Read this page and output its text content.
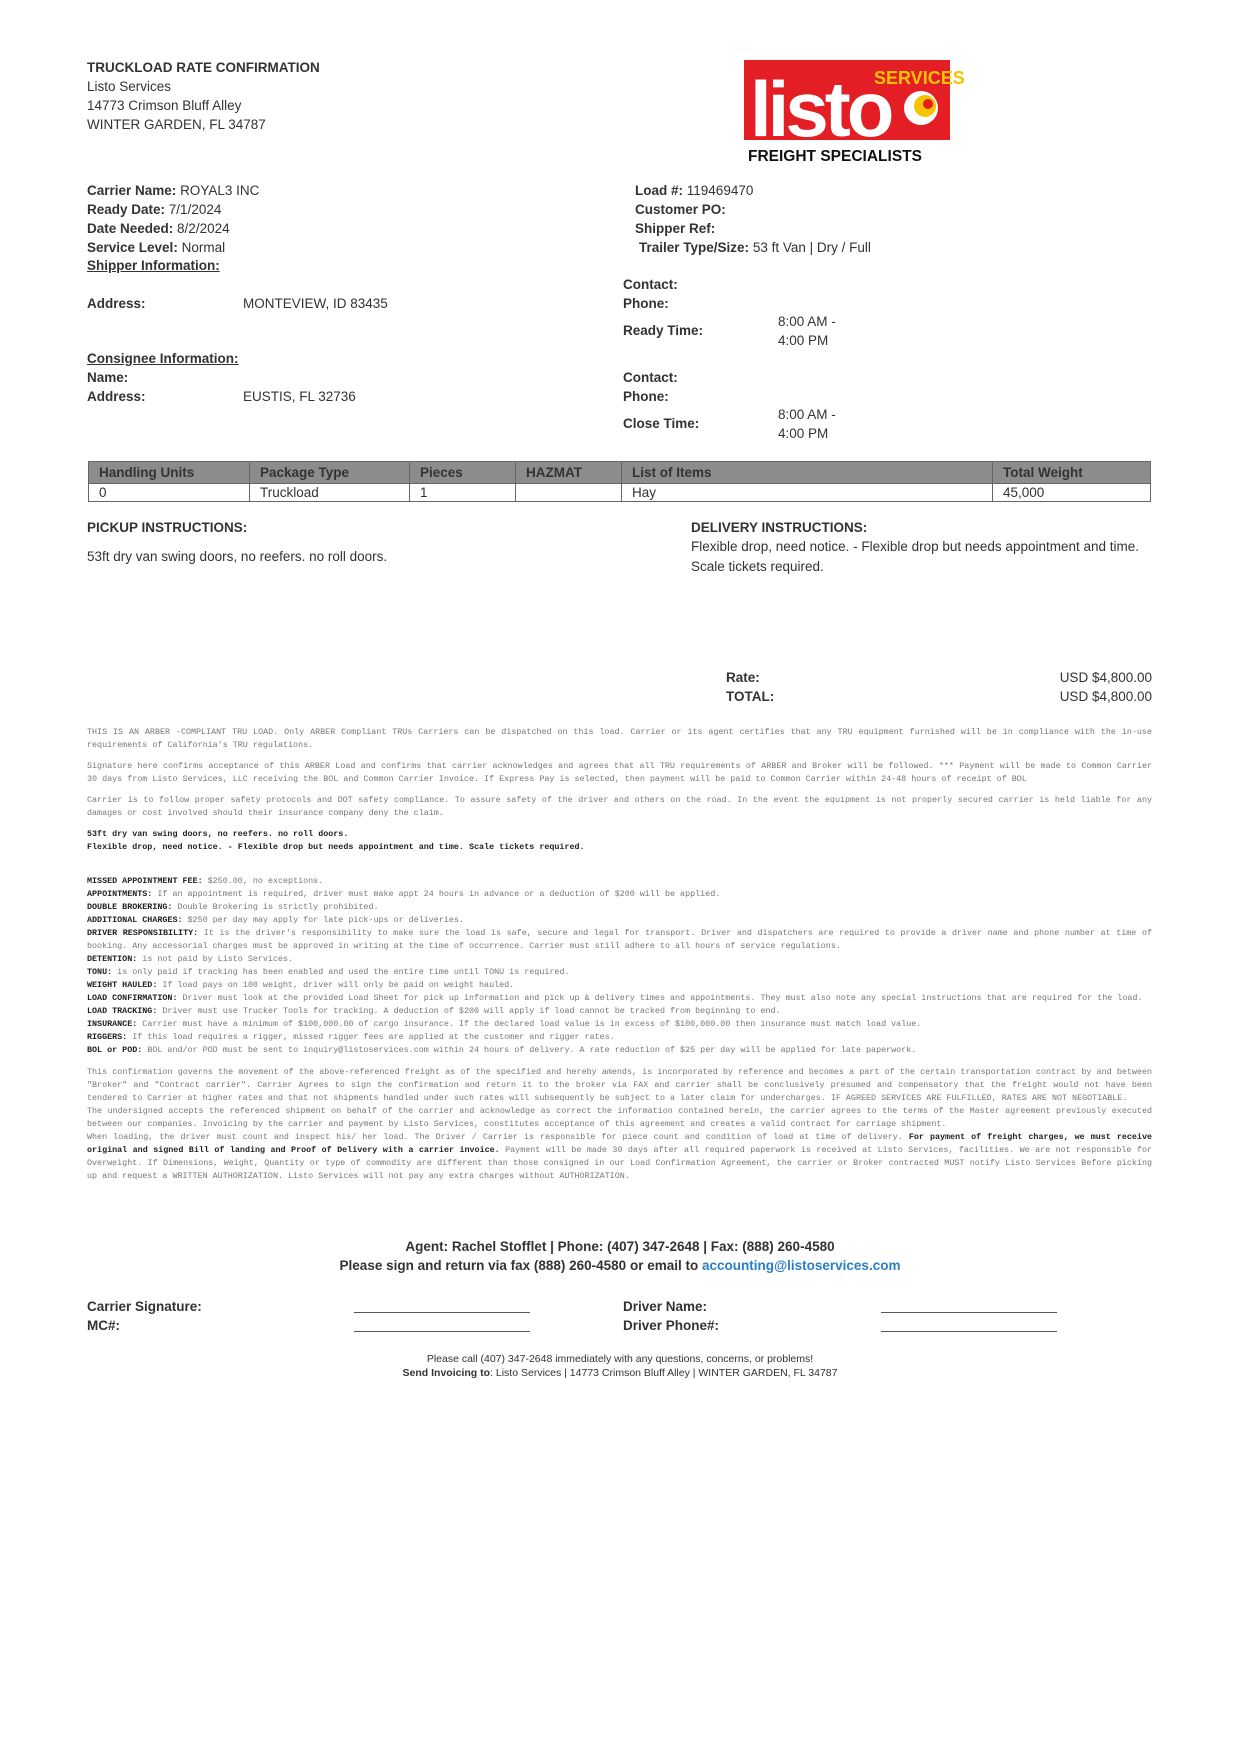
TRUCKLOAD RATE CONFIRMATION
Listo Services
14773 Crimson Bluff Alley
WINTER GARDEN, FL 34787
SERVICES
listo
FREIGHT SPECIALISTS
Carrier Name: ROYAL3 INC
Ready Date: 7/1/2024
Date Needed: 8/2/2024
Service Level: Normal
Shipper Information:
Load #: 119469470
Customer PO:
Shipper Ref:
Trailer Type/Size: 53 ft Van | Dry / Full
Address:	MONTEVIEW, ID 83435
Contact:
Phone:
Ready Time:
8:00 AM -
4:00 PM
Consignee Information:
Name:
Address:	EUSTIS, FL 32736
Contact:
Phone:
Close Time:
8:00 AM -
4:00 PM
Handling Units	Package Type	Pieces	HAZMAT	List of Items	Total Weight
0	Truckload	1		Hay	45,000
PICKUP INSTRUCTIONS:
53ft dry van swing doors, no reefers. no roll doors.
DELIVERY INSTRUCTIONS:
Flexible drop, need notice. - Flexible drop but needs appointment and time. Scale tickets required.
Rate:	USD $4,800.00
TOTAL:	USD $4,800.00

THIS IS AN ARBER -COMPLIANT TRU LOAD. Only ARBER Compliant TRUs Carriers can be dispatched on this load. Carrier or its agent certifies that any TRU equipment furnished will be in compliance with the in-use requirements of California's TRU regulations.

Signature here confirms acceptance of this ARBER Load and confirms that carrier acknowledges and agrees that all TRU requirements of ARBER and Broker will be followed. *** Payment will be made to Common Carrier 30 days from Listo Services, LLC receiving the BOL and Common Carrier Invoice. If Express Pay is selected, then payment will be paid to Common Carrier within 24-48 hours of receipt of BOL

Carrier is to follow proper safety protocols and DOT safety compliance. To assure safety of the driver and others on the road. In the event the equipment is not properly secured carrier is held liable for any damages or cost involved should their insurance company deny the claim.

53ft dry van swing doors, no reefers. no roll doors.
Flexible drop, need notice. - Flexible drop but needs appointment and time. Scale tickets required.
MISSED APPOINTMENT FEE: $250.00, no exceptions.
APPOINTMENTS: If an appointment is required, driver must make appt 24 hours in advance or a deduction of $200 will be applied.
DOUBLE BROKERING: Double Brokering is strictly prohibited.
ADDITIONAL CHARGES: $250 per day may apply for late pick-ups or deliveries.
DRIVER RESPONSIBILITY: It is the driver's responsibility to make sure the load is safe, secure and legal for transport. Driver and dispatchers are required to provide a driver name and phone number at time of booking. Any accessorial charges must be approved in writing at the time of occurrence. Carrier must still adhere to all hours of service regulations.
DETENTION: is not paid by Listo Services.
TONU: is only paid if tracking has been enabled and used the entire time until TONU is required.
WEIGHT HAULED: If load pays on 100 weight, driver will only be paid on weight hauled.
LOAD CONFIRMATION: Driver must look at the provided Load Sheet for pick up information and pick up & delivery times and appointments. They must also note any special instructions that are required for the load.
LOAD TRACKING: Driver must use Trucker Tools for tracking. A deduction of $200 will apply if load cannot be tracked from beginning to end.
INSURANCE: Carrier must have a minimum of $100,000.00 of cargo insurance. If the declared load value is in excess of $100,000.00 then insurance must match load value.
RIGGERS: If this load requires a rigger, missed rigger fees are applied at the customer and rigger rates.
BOL or POD: BOL and/or POD must be sent to inquiry@listoservices.com within 24 hours of delivery. A rate reduction of $25 per day will be applied for late paperwork.

This confirmation governs the movement of the above-referenced freight as of the specified and hereby amends, is incorporated by reference and becomes a part of the certain transportation contract by and between "Broker" and "Contract carrier". Carrier Agrees to sign the confirmation and return it to the broker via FAX and carrier shall be conclusively presumed and compensatory that the freight would not have been tendered to Carrier at higher rates and that not shipments handled under such rates will subsequently be subject to a later claim for undercharges. IF AGREED SERVICES ARE FULFILLED, RATES ARE NOT NEGOTIABLE.

The undersigned accepts the referenced shipment on behalf of the carrier and acknowledge as correct the information contained herein, the carrier agrees to the terms of the Master agreement previously executed between our companies. Invoicing by the carrier and payment by Listo Services, constitutes acceptance of this agreement and creates a valid contract for carriage shipment.

When loading, the driver must count and inspect his/ her load. The Driver / Carrier is responsible for piece count and condition of load at time of delivery. For payment of freight charges, we must receive original and signed Bill of landing and Proof of Delivery with a carrier invoice. Payment will be made 30 days after all required paperwork is received at Listo Services, facilities. We are not responsible for Overweight. If Dimensions, Weight, Quantity or type of commodity are different than those consigned in our Load Confirmation Agreement, the carrier or Broker contracted MUST notify Listo Services Before picking up and request a WRITTEN AUTHORIZATION. Listo Services will not pay any extra charges without AUTHORIZATION.

Agent: Rachel Stofflet | Phone: (407) 347-2648 | Fax: (888) 260-4580
Please sign and return via fax (888) 260-4580 or email to accounting@listoservices.com
Carrier Signature:
MC#:
Driver Name:
Driver Phone#:
Please call (407) 347-2648 immediately with any questions, concerns, or problems!
Send Invoicing to: Listo Services | 14773 Crimson Bluff Alley | WINTER GARDEN, FL 34787
